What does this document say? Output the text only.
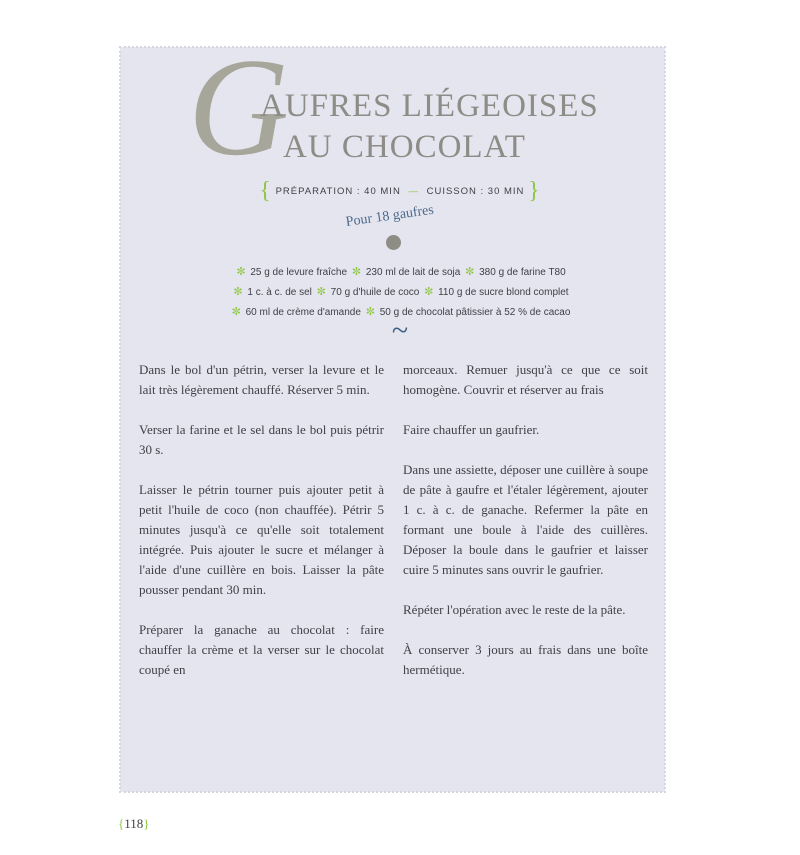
G
AUFRES LIÉGEOISES
AU CHOCOLAT
{ PRÉPARATION : 40 MIN — CUISSON : 30 MIN }
Pour 18 gaufres
✼ 25 g de levure fraîche ✼ 230 ml de lait de soja ✼ 380 g de farine T80
✼ 1 c. à c. de sel ✼ 70 g d'huile de coco ✼ 110 g de sucre blond complet
✼ 60 ml de crème d'amande ✼ 50 g de chocolat pâtissier à 52 % de cacao
~

Dans le bol d'un pétrin, verser la levure et le lait très légèrement chauffé. Réserver 5 min.

Verser la farine et le sel dans le bol puis pétrir 30 s.

Laisser le pétrin tourner puis ajouter petit à petit l'huile de coco (non chauffée). Pétrir 5 minutes jusqu'à ce qu'elle soit totalement intégrée. Puis ajouter le sucre et mélanger à l'aide d'une cuillère en bois. Laisser la pâte pousser pendant 30 min.

Préparer la ganache au chocolat : faire chauffer la crème et la verser sur le chocolat coupé en

morceaux. Remuer jusqu'à ce que ce soit homogène. Couvrir et réserver au frais

Faire chauffer un gaufrier.

Dans une assiette, déposer une cuillère à soupe de pâte à gaufre et l'étaler légèrement, ajouter 1 c. à c. de ganache. Refermer la pâte en formant une boule à l'aide des cuillères. Déposer la boule dans le gaufrier et laisser cuire 5 minutes sans ouvrir le gaufrier.

Répéter l'opération avec le reste de la pâte.

À conserver 3 jours au frais dans une boîte hermétique.

{118}
